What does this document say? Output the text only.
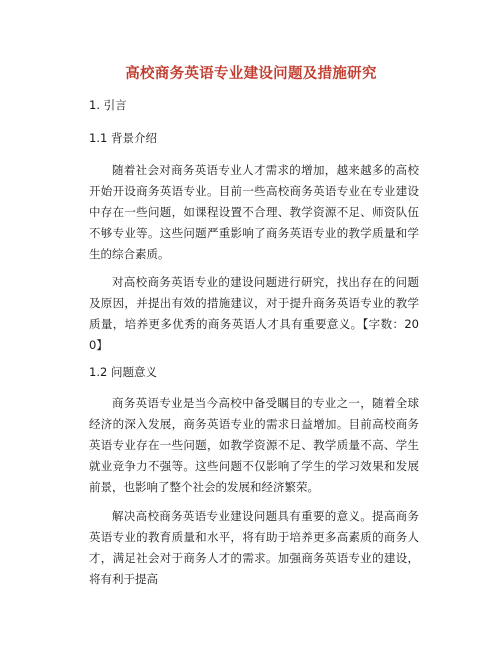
高校商务英语专业建设问题及措施研究

1. 引言

1.1 背景介绍

随着社会对商务英语专业人才需求的增加，越来越多的高校开始开设商务英语专业。目前一些高校商务英语专业在专业建设中存在一些问题，如课程设置不合理、教学资源不足、师资队伍不够专业等。这些问题严重影响了商务英语专业的教学质量和学生的综合素质。

对高校商务英语专业的建设问题进行研究，找出存在的问题及原因，并提出有效的措施建议，对于提升商务英语专业的教学质量，培养更多优秀的商务英语人才具有重要意义。【字数：200】

1.2 问题意义

商务英语专业是当今高校中备受瞩目的专业之一，随着全球经济的深入发展，商务英语专业的需求日益增加。目前高校商务英语专业存在一些问题，如教学资源不足、教学质量不高、学生就业竞争力不强等。这些问题不仅影响了学生的学习效果和发展前景，也影响了整个社会的发展和经济繁荣。

解决高校商务英语专业建设问题具有重要的意义。提高商务英语专业的教育质量和水平，将有助于培养更多高素质的商务人才，满足社会对于商务人才的需求。加强商务英语专业的建设，将有利于提高
